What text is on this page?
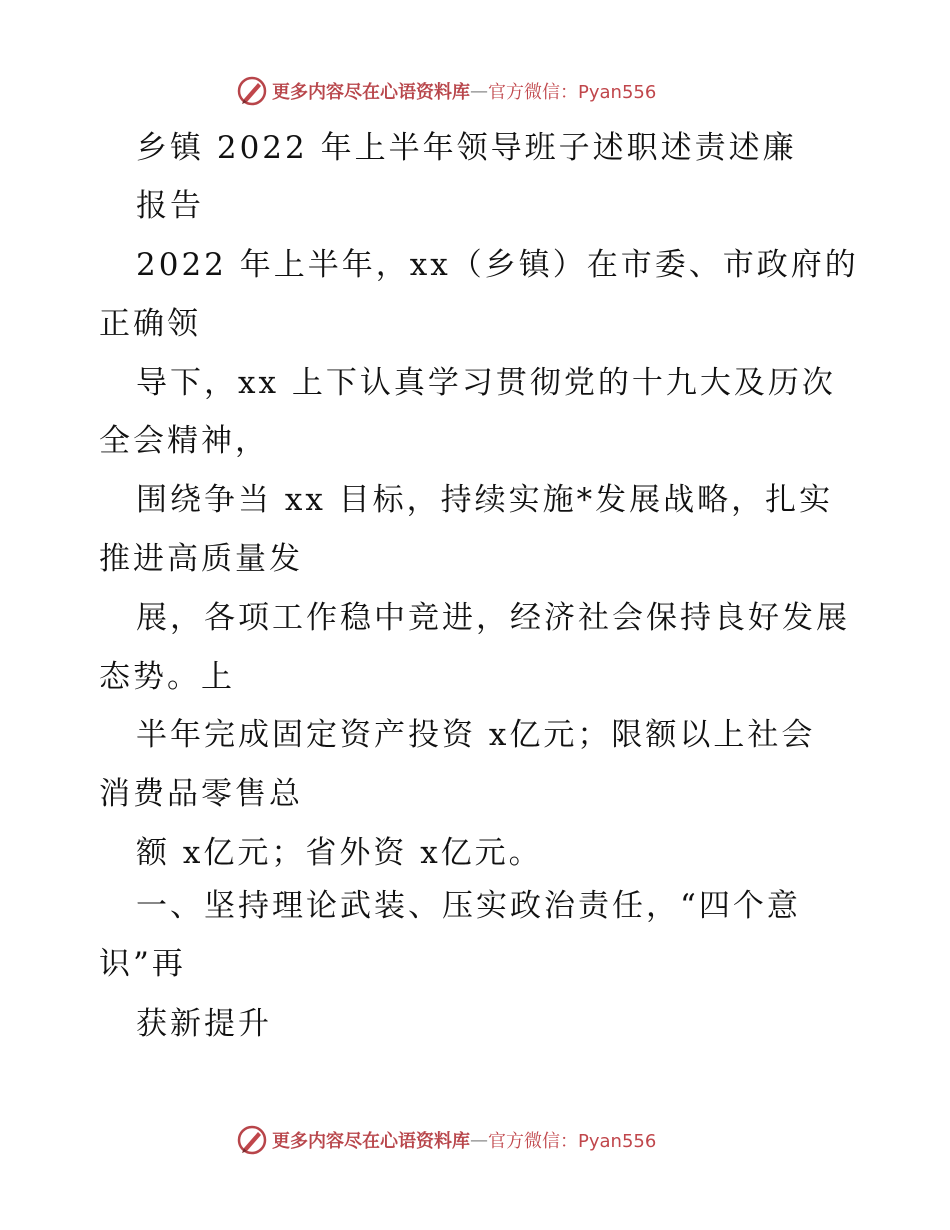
更多内容尽在心语资料库 — 官方微信：Pyan556
乡镇 2022 年上半年领导班子述职述责述廉
报告
2022 年上半年，xx（乡镇）在市委、市政府的
正确领
导下，xx 上下认真学习贯彻党的十九大及历次
全会精神，
围绕争当 xx 目标，持续实施*发展战略，扎实
推进高质量发
展，各项工作稳中竞进，经济社会保持良好发展
态势。上
半年完成固定资产投资 x亿元；限额以上社会
消费品零售总
额 x亿元；省外资 x亿元。
一、坚持理论武装、压实政治责任，“四个意
识”再
获新提升
更多内容尽在心语资料库 — 官方微信：Pyan556
